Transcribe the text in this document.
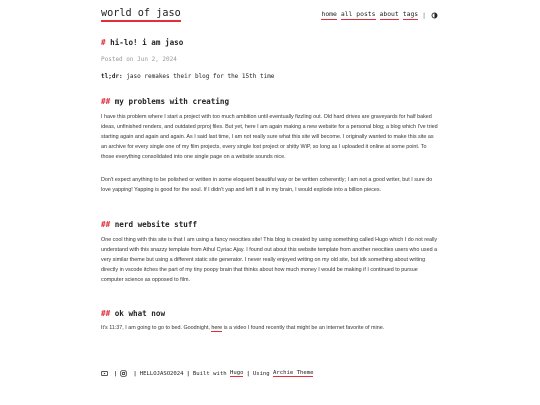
world of jaso	home all posts about tags |
# hi-lo! i am jaso
Posted on Jun 2, 2024
tl;dr: jaso remakes their blog for the 15th time
## my problems with creating

I have this problem where I start a project with too much ambition until eventually fizzling out. Old hard drives are graveyards for half baked ideas, unfinished renders, and outdated prproj files. But yet, here I am again making a new website for a personal blog; a blog which I've tried starting again and again and again. As I said last time, I am not really sure what this site will become. I originally wanted to make this site as an archive for every single one of my film projects, every single lost project or shitty WiP, so long as I uploaded it online at some point. To those everything consolidated into one single page on a website sounds nice.

Don't expect anything to be polished or written in some eloquent beautiful way or be written coherently; I am not a good writer, but I sure do love yapping! Yapping is good for the soul. If I didn't yap and left it all in my brain, I would explode into a billion pieces.

## nerd website stuff

One cool thing with this site is that I am using a fancy neocities site! This blog is created by using something called Hugo which I do not really understand with this snazzy template from Athul Cyriac Ajay. I found out about this website template from another neocities users who used a very similar theme but using a different static site generator. I never really enjoyed writing on my old site, but idk something about writing directly in vscode itches the part of my tiny poopy brain that thinks about how much money I would be making if I continued to pursue computer science as opposed to film.

## ok what now

It's 11:37, I am going to go to bed. Goodnight, here is a video I found recently that might be an internet favorite of mine.

|	| HELLOJASO2024 | Built with
Hugo | Using
Archie Theme
